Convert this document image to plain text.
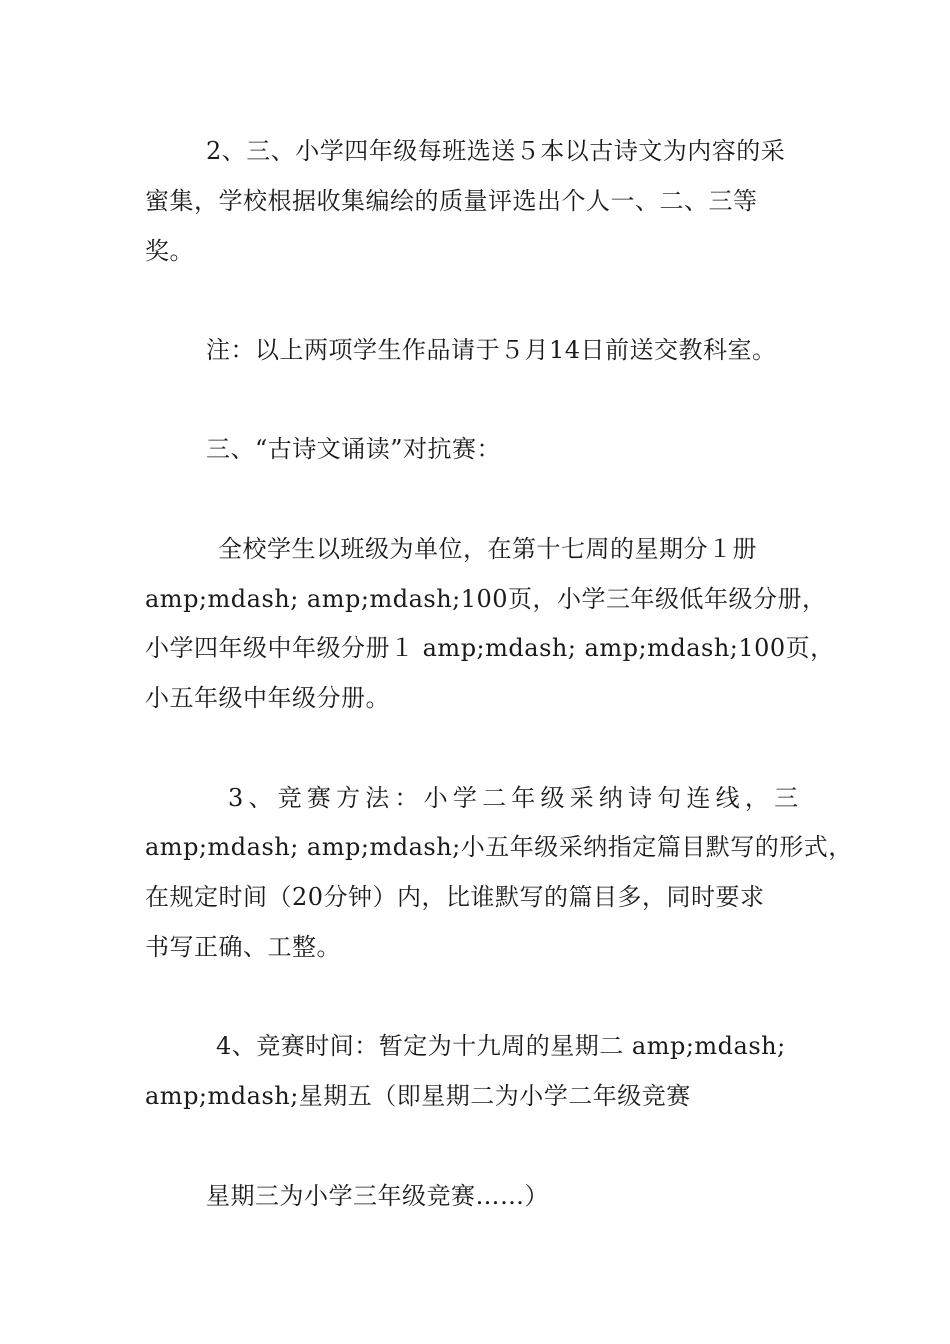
2、三、小学四年级每班选送５本以古诗文为内容的采
蜜集，学校根据收集编绘的质量评选出个人一、二、三等
奖。
注：以上两项学生作品请于５月14日前送交教科室。
三、“古诗文诵读”对抗赛：
全校学生以班级为单位，在第十七周的星期分１册
amp;mdash; amp;mdash;100页，小学三年级低年级分册，
小学四年级中年级分册１ amp;mdash; amp;mdash;100页，
小五年级中年级分册。
3、竞赛方法：小学二年级采纳诗句连线，三
amp;mdash; amp;mdash;小五年级采纳指定篇目默写的形式，
在规定时间（20分钟）内，比谁默写的篇目多，同时要求
书写正确、工整。
4、竞赛时间：暂定为十九周的星期二 amp;mdash;
amp;mdash;星期五（即星期二为小学二年级竞赛
星期三为小学三年级竞赛……）
